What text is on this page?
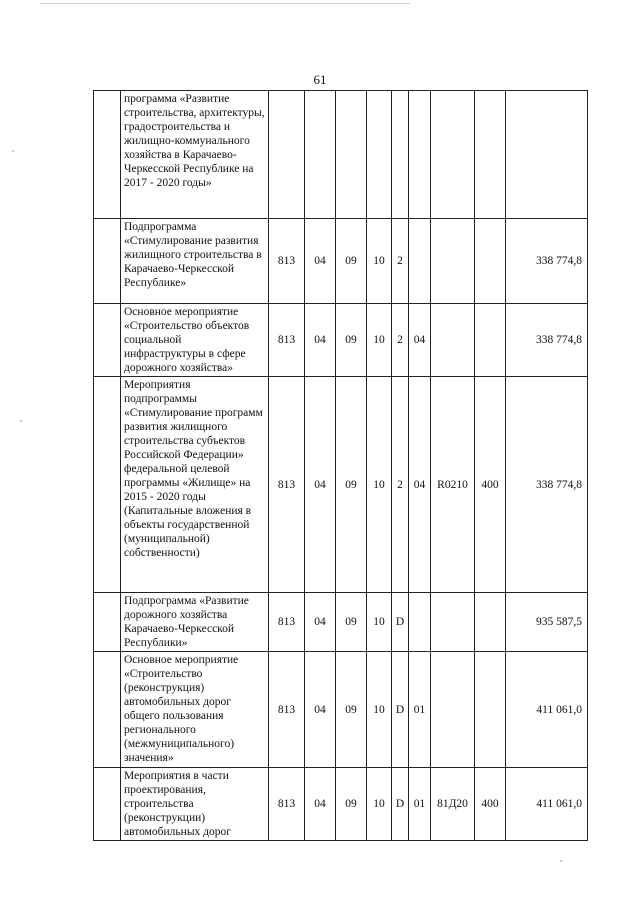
61
	программа «Развитие строительства, архитектуры, градостроительства и жилищно-коммунального хозяйства в Карачаево-Черкесской Республике на 2017 - 2020 годы»									
	Подпрограмма «Стимулирование развития жилищного строительства в Карачаево-Черкесской Республике»	813	04	09	10	2				338 774,8
	Основное мероприятие «Строительство объектов социальной инфраструктуры в сфере дорожного хозяйства»	813	04	09	10	2	04			338 774,8
	Мероприятия подпрограммы «Стимулирование программ развития жилищного строительства субъектов Российской Федерации» федеральной целевой программы «Жилище» на 2015 - 2020 годы (Капитальные вложения в объекты государственной (муниципальной) собственности)	813	04	09	10	2	04	R0210	400	338 774,8
	Подпрограмма «Развитие дорожного хозяйства Карачаево-Черкесской Республики»	813	04	09	10	D				935 587,5
	Основное мероприятие «Строительство (реконструкция) автомобильных дорог общего пользования регионального (межмуниципального) значения»	813	04	09	10	D	01			411 061,0
	Мероприятия в части проектирования, строительства (реконструкции) автомобильных дорог	813	04	09	10	D	01	81Д20	400	411 061,0
